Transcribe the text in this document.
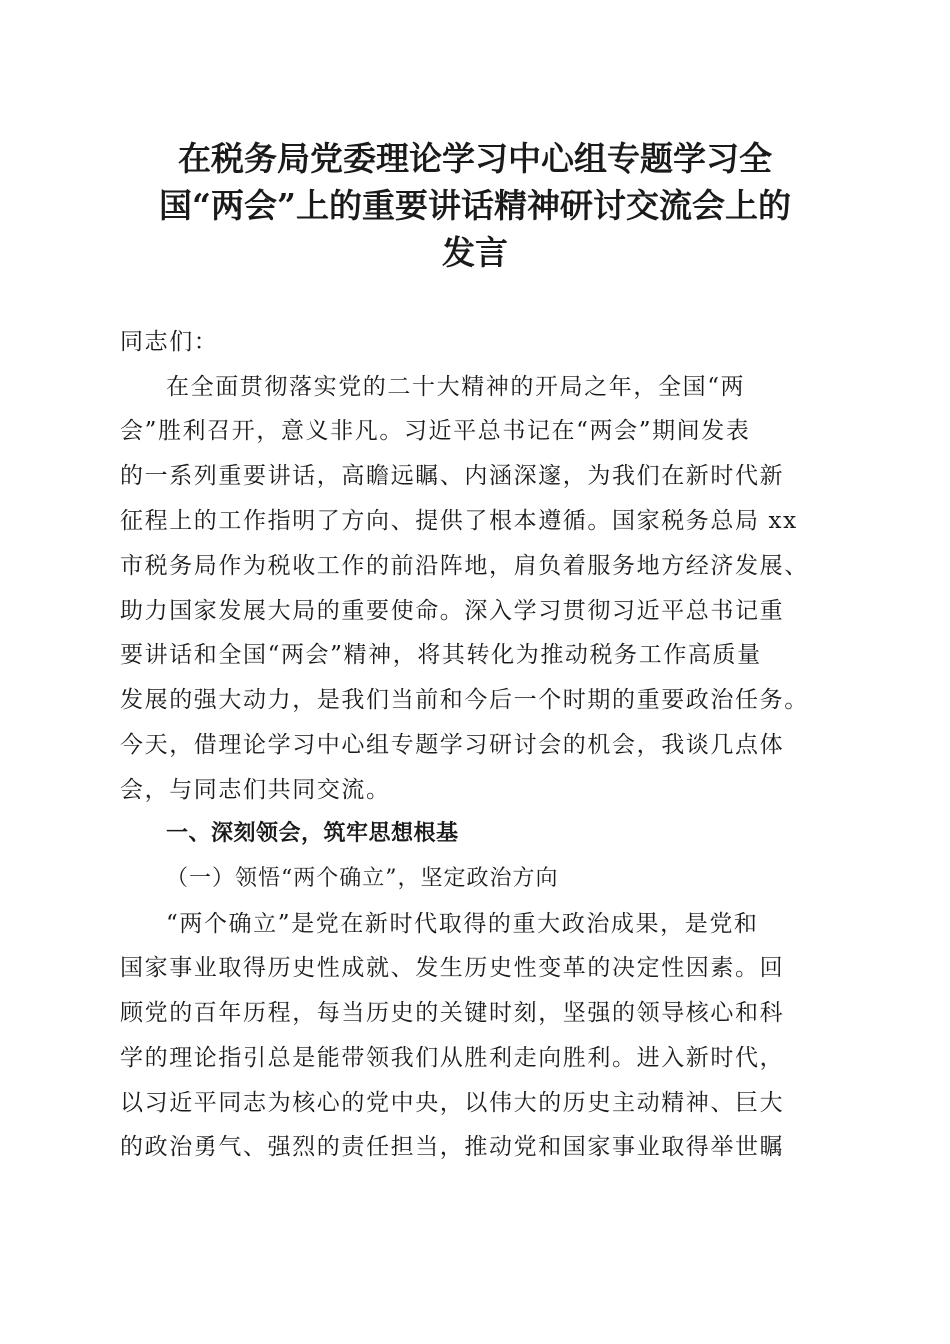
在税务局党委理论学习中心组专题学习全
国“两会”上的重要讲话精神研讨交流会上的
发言

同志们：

在全面贯彻落实党的二十大精神的开局之年，全国“两

会”胜利召开，意义非凡。习近平总书记在“两会”期间发表

的一系列重要讲话，高瞻远瞩、内涵深邃，为我们在新时代新

征程上的工作指明了方向、提供了根本遵循。国家税务总局 xx

市税务局作为税收工作的前沿阵地，肩负着服务地方经济发展、

助力国家发展大局的重要使命。深入学习贯彻习近平总书记重

要讲话和全国“两会”精神，将其转化为推动税务工作高质量

发展的强大动力，是我们当前和今后一个时期的重要政治任务。

今天，借理论学习中心组专题学习研讨会的机会，我谈几点体

会，与同志们共同交流。

一、深刻领会，筑牢思想根基
（一）领悟“两个确立”，坚定政治方向

“两个确立”是党在新时代取得的重大政治成果，是党和

国家事业取得历史性成就、发生历史性变革的决定性因素。回

顾党的百年历程，每当历史的关键时刻，坚强的领导核心和科

学的理论指引总是能带领我们从胜利走向胜利。进入新时代，

以习近平同志为核心的党中央，以伟大的历史主动精神、巨大

的政治勇气、强烈的责任担当，推动党和国家事业取得举世瞩
